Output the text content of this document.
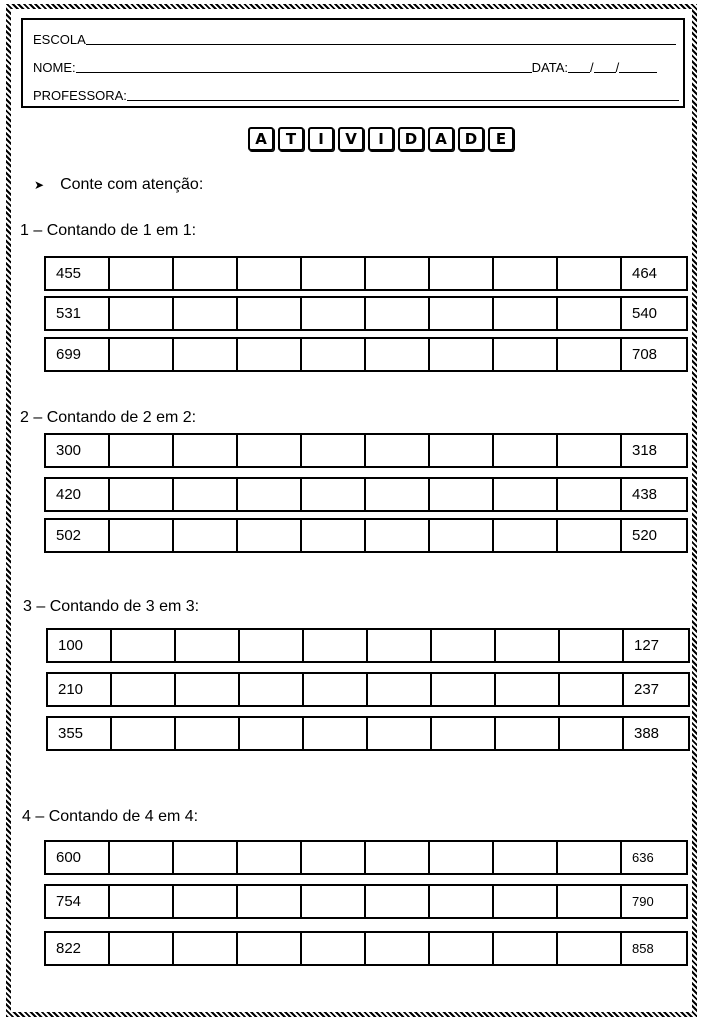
ESCOLA
NOME:	DATA: / /
PROFESSORA:
A	T	I	V	I	D	A	D	E
➤ Conte com atenção:
1 – Contando de 1 em 1:
455	464
531	540
699	708
2 – Contando de 2 em 2:
300	318
420	438
502	520
3 – Contando de 3 em 3:
100	127
210	237
355	388
4 – Contando de 4 em 4:
600	636
754	790
822	858
